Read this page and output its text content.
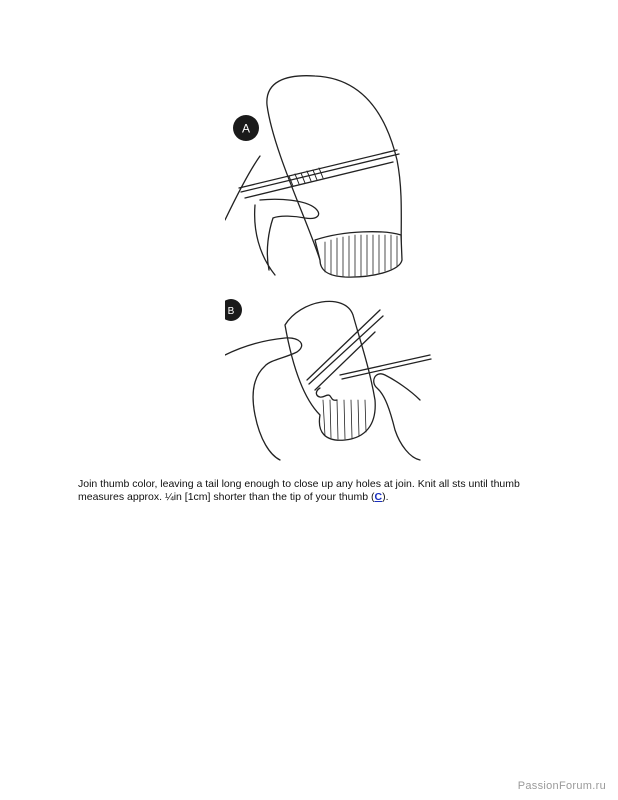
A
B

Join thumb color, leaving a tail long enough to close up any holes at join. Knit all sts until thumb measures approx. ¼in [1cm] shorter than the tip of your thumb (C).

PassionForum.ru
